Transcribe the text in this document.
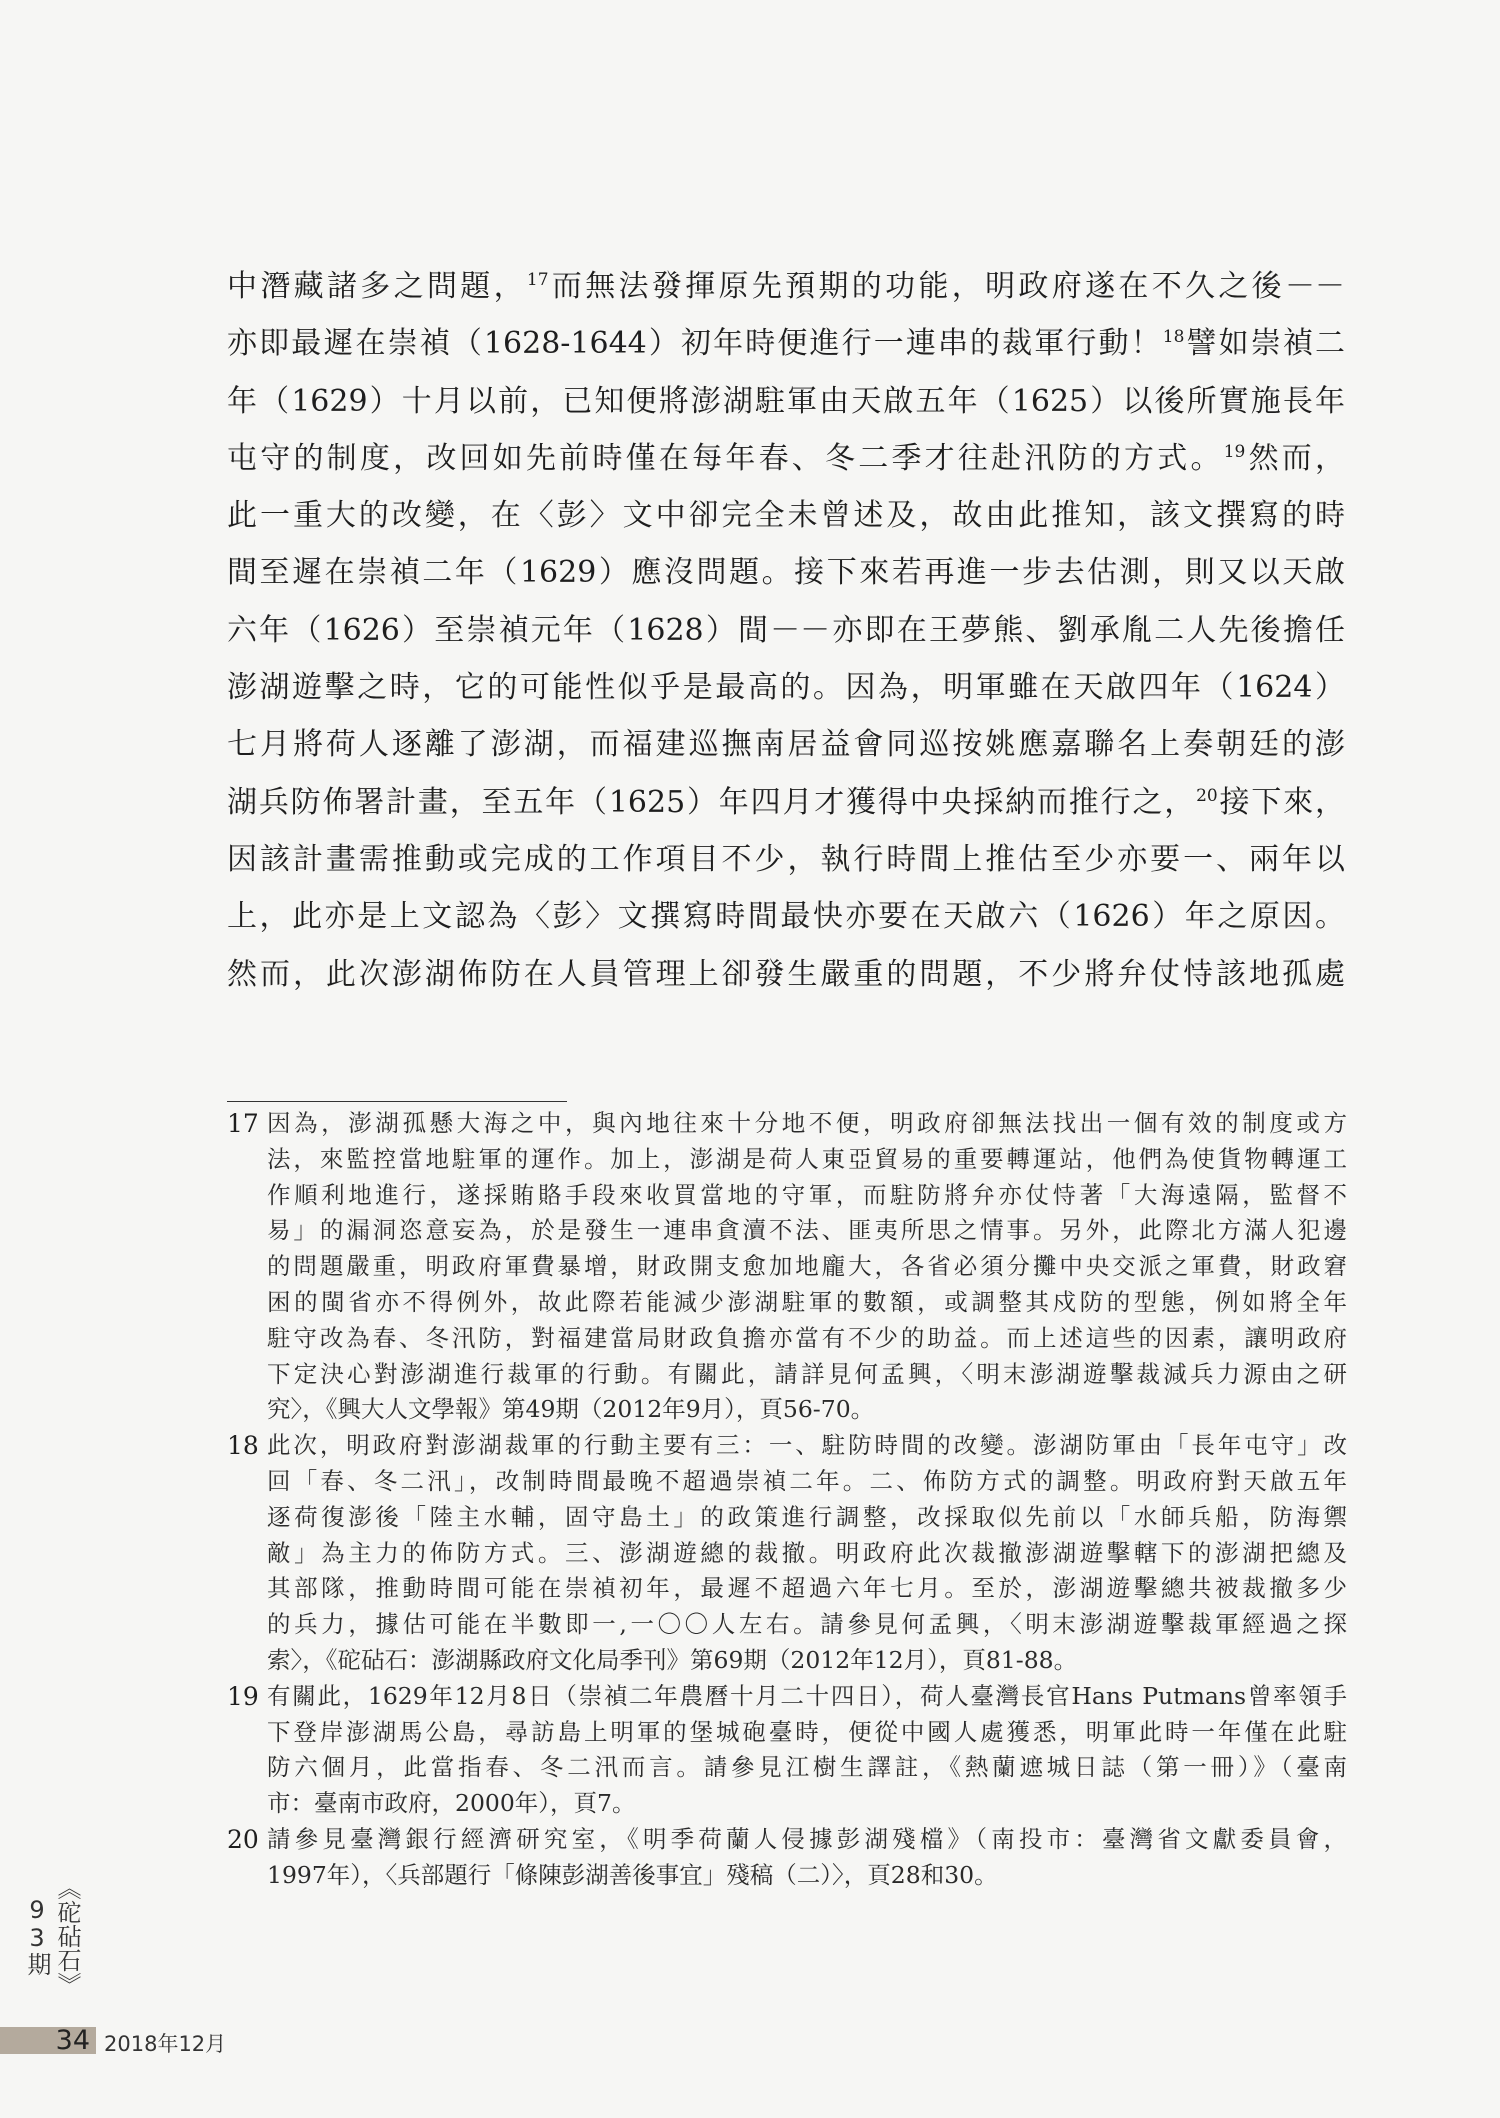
中潛藏諸多之問題，$^{17}$而無法發揮原先預期的功能，明政府遂在不久之後－－
亦即最遲在崇禎（1628-1644）初年時便進行一連串的裁軍行動！$^{18}$譬如崇禎二
年（1629）十月以前，已知便將澎湖駐軍由天啟五年（1625）以後所實施長年
屯守的制度，改回如先前時僅在每年春、冬二季才往赴汛防的方式。$^{19}$然而，
此一重大的改變，在〈彭〉文中卻完全未曾述及，故由此推知，該文撰寫的時
間至遲在崇禎二年（1629）應沒問題。接下來若再進一步去估測，則又以天啟
六年（1626）至崇禎元年（1628）間－－亦即在王夢熊、劉承胤二人先後擔任
澎湖遊擊之時，它的可能性似乎是最高的。因為，明軍雖在天啟四年（1624）
七月將荷人逐離了澎湖，而福建巡撫南居益會同巡按姚應嘉聯名上奏朝廷的澎
湖兵防佈署計畫，至五年（1625）年四月才獲得中央採納而推行之，$^{20}$接下來，
因該計畫需推動或完成的工作項目不少，執行時間上推估至少亦要一、兩年以
上，此亦是上文認為〈彭〉文撰寫時間最快亦要在天啟六（1626）年之原因。
然而，此次澎湖佈防在人員管理上卻發生嚴重的問題，不少將弁仗恃該地孤處
17 因為，澎湖孤懸大海之中，與內地往來十分地不便，明政府卻無法找出一個有效的制度或方
法，來監控當地駐軍的運作。加上，澎湖是荷人東亞貿易的重要轉運站，他們為使貨物轉運工
作順利地進行，遂採賄賂手段來收買當地的守軍，而駐防將弁亦仗恃著「大海遠隔，監督不
易」的漏洞恣意妄為，於是發生一連串貪瀆不法、匪夷所思之情事。另外，此際北方滿人犯邊
的問題嚴重，明政府軍費暴增，財政開支愈加地龐大，各省必須分攤中央交派之軍費，財政窘
困的閩省亦不得例外，故此際若能減少澎湖駐軍的數額，或調整其戍防的型態，例如將全年
駐守改為春、冬汛防，對福建當局財政負擔亦當有不少的助益。而上述這些的因素，讓明政府
下定決心對澎湖進行裁軍的行動。有關此，請詳見何孟興，〈明末澎湖遊擊裁減兵力源由之研
究〉，《興大人文學報》第49期（2012年9月），頁56-70。
18 此次，明政府對澎湖裁軍的行動主要有三：一、駐防時間的改變。澎湖防軍由「長年屯守」改
回「春、冬二汛」，改制時間最晚不超過崇禎二年。二、佈防方式的調整。明政府對天啟五年
逐荷復澎後「陸主水輔，固守島土」的政策進行調整，改採取似先前以「水師兵船，防海禦
敵」為主力的佈防方式。三、澎湖遊總的裁撤。明政府此次裁撤澎湖遊擊轄下的澎湖把總及
其部隊，推動時間可能在崇禎初年，最遲不超過六年七月。至於，澎湖遊擊總共被裁撤多少
的兵力，據估可能在半數即一,一〇〇人左右。請參見何孟興，〈明末澎湖遊擊裁軍經過之探
索〉，《砣砧石：澎湖縣政府文化局季刊》第69期（2012年12月），頁81-88。
19 有關此，1629年12月8日（崇禎二年農曆十月二十四日），荷人臺灣長官Hans Putmans曾率領手
下登岸澎湖馬公島，尋訪島上明軍的堡城砲臺時，便從中國人處獲悉，明軍此時一年僅在此駐
防六個月，此當指春、冬二汛而言。請參見江樹生譯註，《熱蘭遮城日誌（第一冊）》（臺南
市：臺南市政府，2000年），頁7。
20 請參見臺灣銀行經濟研究室，《明季荷蘭人侵據彭湖殘檔》（南投市：臺灣省文獻委員會，
1997年），〈兵部題行「條陳彭湖善後事宜」殘稿（二）〉，頁28和30。
《砣砧石》93期
34 2018年12月
